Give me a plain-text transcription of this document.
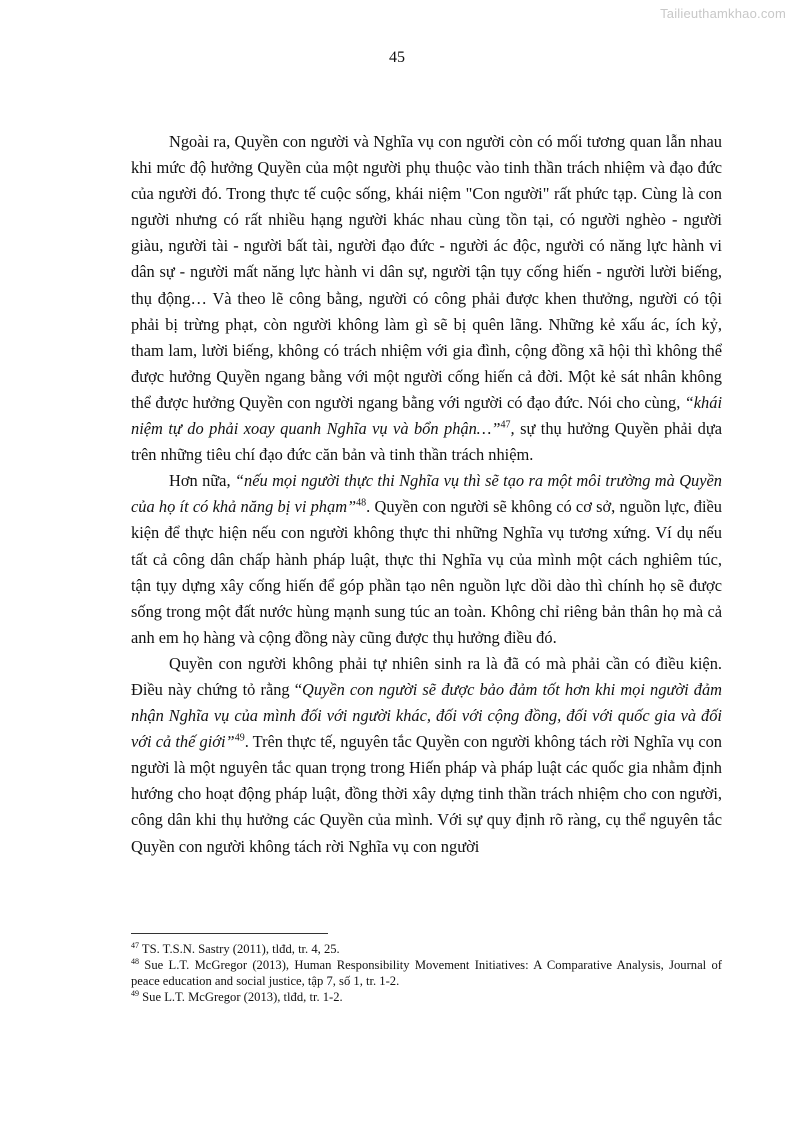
Tailieuthamkhao.com
45

Ngoài ra, Quyền con người và Nghĩa vụ con người còn có mối tương quan lẫn nhau khi mức độ hưởng Quyền của một người phụ thuộc vào tinh thần trách nhiệm và đạo đức của người đó. Trong thực tế cuộc sống, khái niệm "Con người" rất phức tạp. Cùng là con người nhưng có rất nhiều hạng người khác nhau cùng tồn tại, có người nghèo - người giàu, người tài - người bất tài, người đạo đức - người ác độc, người có năng lực hành vi dân sự - người mất năng lực hành vi dân sự, người tận tụy cống hiến - người lười biếng, thụ động… Và theo lẽ công bằng, người có công phải được khen thưởng, người có tội phải bị trừng phạt, còn người không làm gì sẽ bị quên lãng. Những kẻ xấu ác, ích kỷ, tham lam, lười biếng, không có trách nhiệm với gia đình, cộng đồng xã hội thì không thể được hưởng Quyền ngang bằng với một người cống hiến cả đời. Một kẻ sát nhân không thể được hưởng Quyền con người ngang bằng với người có đạo đức. Nói cho cùng, “khái niệm tự do phải xoay quanh Nghĩa vụ và bổn phận…”$^{47}$, sự thụ hưởng Quyền phải dựa trên những tiêu chí đạo đức căn bản và tinh thần trách nhiệm.

Hơn nữa, “nếu mọi người thực thi Nghĩa vụ thì sẽ tạo ra một môi trường mà Quyền của họ ít có khả năng bị vi phạm”$^{48}$. Quyền con người sẽ không có cơ sở, nguồn lực, điều kiện để thực hiện nếu con người không thực thi những Nghĩa vụ tương xứng. Ví dụ nếu tất cả công dân chấp hành pháp luật, thực thi Nghĩa vụ của mình một cách nghiêm túc, tận tụy dựng xây cống hiến để góp phần tạo nên nguồn lực dồi dào thì chính họ sẽ được sống trong một đất nước hùng mạnh sung túc an toàn. Không chỉ riêng bản thân họ mà cả anh em họ hàng và cộng đồng này cũng được thụ hưởng điều đó.

Quyền con người không phải tự nhiên sinh ra là đã có mà phải cần có điều kiện. Điều này chứng tỏ rằng “Quyền con người sẽ được bảo đảm tốt hơn khi mọi người đảm nhận Nghĩa vụ của mình đối với người khác, đối với cộng đồng, đối với quốc gia và đối với cả thế giới”$^{49}$. Trên thực tế, nguyên tắc Quyền con người không tách rời Nghĩa vụ con người là một nguyên tắc quan trọng trong Hiến pháp và pháp luật các quốc gia nhằm định hướng cho hoạt động pháp luật, đồng thời xây dựng tinh thần trách nhiệm cho con người, công dân khi thụ hưởng các Quyền của mình. Với sự quy định rõ ràng, cụ thể nguyên tắc Quyền con người không tách rời Nghĩa vụ con người

$^{47}$ TS. T.S.N. Sastry (2011), tlđd, tr. 4, 25.

$^{48}$ Sue L.T. McGregor (2013), Human Responsibility Movement Initiatives: A Comparative Analysis, Journal of peace education and social justice, tập 7, số 1, tr. 1-2.

$^{49}$ Sue L.T. McGregor (2013), tlđd, tr. 1-2.
